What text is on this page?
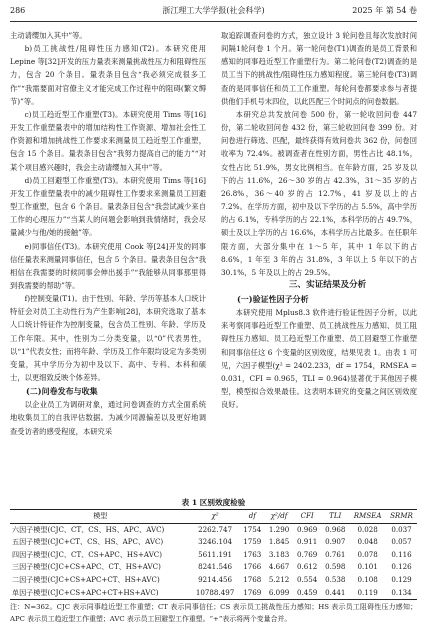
286	浙江理工大学学报(社会科学)	2025 年 第 54 卷

主动请缨加入其中”等。

b)员工挑战性/阻碍性压力感知(T2)。本研究使用 Lepine 等[32]开发的压力量表来测量挑战性压力和阻碍性压力，包含 20 个条目。量表条目包含“我必须完成很多工作”“我需要面对官僚主义才能完成工作过程中的阻碍(繁文缛节)”等。

c)员工趋近型工作重塑(T3)。本研究使用 Tims 等[16]开发工作重塑量表中的增加结构性工作资源、增加社会性工作资源和增加挑战性工作要求来测量员工趋近型工作重塑，包含 15 个条目。量表条目包含“我努力提高自己的能力”“对某个项目感兴趣时，我会主动请缨加入其中”等。

d)员工回避型工作重塑(T3)。本研究使用 Tims 等[16]开发工作重塑量表中的减少阻碍性工作要求来测量员工回避型工作重塑，包含 6 个条目。量表条目包含“我尝试减少来自工作的心理压力”“当某人的问题会影响到我情绪时，我会尽量减少与他/她的接触”等。

e)同事信任(T3)。本研究使用 Cook 等[24]开发的同事信任量表来测量同事信任，包含 5 个条目。量表条目包含“我相信在我需要的时候同事会伸出援手”“我能够从同事那里得到我需要的帮助”等。

f)控制变量(T1)。由于性别、年龄、学历等基本人口统计特征会对员工主动性行为产生影响[28]，本研究选取了基本人口统计特征作为控制变量，包含员工性别、年龄、学历及工作年限。其中，性别为二分类变量，以“0”代表男性，以“1”代表女性；而将年龄、学历及工作年限均设定为多类别变量，其中学历分为初中及以下、高中、专科、本科和硕士，以更细致反映个体差异。

(二)问卷发布与收集

以企业员工为调研对象，通过问卷调查的方式全面系统地收集员工的自我评估数据。为减少同源偏差以及更好地调查受访者的感受程度，本研究采

取追踪调查问卷的方式，独立设计 3 轮问卷且每次发放时间间隔1轮问卷 1 个月。第一轮问卷(T1)调查的是员工背景和感知的同事趋近型工作重塑行为。第二轮问卷(T2)调查的是员工当下的挑战性/阻碍性压力感知程度。第三轮问卷(T3)调查的是同事信任和员工工作重塑。每轮问卷都要求参与者提供他们手机号末四位，以此匹配三个时间点的问卷数据。

本研究总共发放问卷 500 份，第一轮收回问卷 447 份，第二轮收回问卷 432 份，第三轮收回问卷 399 份。对问卷进行筛选、匹配，最终获得有效问卷共 362 份，问卷回收率为 72.4%。被调查者在性别方面，男性占比 48.1%，女性占比 51.9%，男女比例相当。在年龄方面，25 岁及以下的占 11.6%，26～30 岁的占 42.3%，31～35 岁的占 26.8%，36～40 岁的占 12.7%，41 岁及以上的占 7.2%。在学历方面，初中及以下学历的占 5.5%，高中学历的占 6.1%，专科学历的占 22.1%，本科学历的占 49.7%，硕士及以上学历的占 16.6%，本科学历占比最多。在任职年限方面，大部分集中在 1～5 年，其中 1 年以下的占 8.6%，1 年至 3 年的占 31.8%，3 年以上 5 年以下的占 30.1%，5 年及以上的占 29.5%。

三、实证结果及分析

(一)验证性因子分析

本研究使用 Mplus8.3 软件进行验证性因子分析，以此来考察同事趋近型工作重塑、员工挑战性压力感知、员工阻碍性压力感知、员工趋近型工作重塑、员工回避型工作重塑和同事信任这 6 个变量的区别效度，结果见表 1。由表 1 可见，六因子模型(χ² = 2402.233，df = 1754，RMSEA = 0.031，CFI = 0.965，TLI = 0.964)显著优于其他因子模型，模型拟合效果最佳。这表明本研究的变量之间区别效度良好。

表 1 区别效度检验
模型	χ²	df	χ²/df	CFI	TLI	RMSEA	SRMR
六因子模型(CJC、CT、CS、HS、APC、AVC)	2262.747	1754	1.290	0.969	0.968	0.028	0.037
五因子模型(CJC+CT、CS、HS、APC、AVC)	3246.104	1759	1.845	0.911	0.907	0.048	0.057
四因子模型(CJC、CT、CS+APC、HS+AVC)	5611.191	1763	3.183	0.769	0.761	0.078	0.116
三因子模型(CJC+CS+APC、CT、HS+AVC)	8241.546	1766	4.667	0.612	0.598	0.101	0.126
二因子模型(CJC+CS+APC+CT、HS+AVC)	9214.456	1768	5.212	0.554	0.538	0.108	0.129
单因子模型(CJC+CS+APC+CT+HS+AVC)	10788.497	1769	6.099	0.459	0.441	0.119	0.134
注：N=362。CJC 表示同事趋近型工作重塑；CT 表示同事信任；CS 表示员工挑战性压力感知；HS 表示员工阻碍性压力感知；APC 表示员工趋近型工作重塑；AVC 表示员工回避型工作重塑。“+”表示将两个变量合并。
